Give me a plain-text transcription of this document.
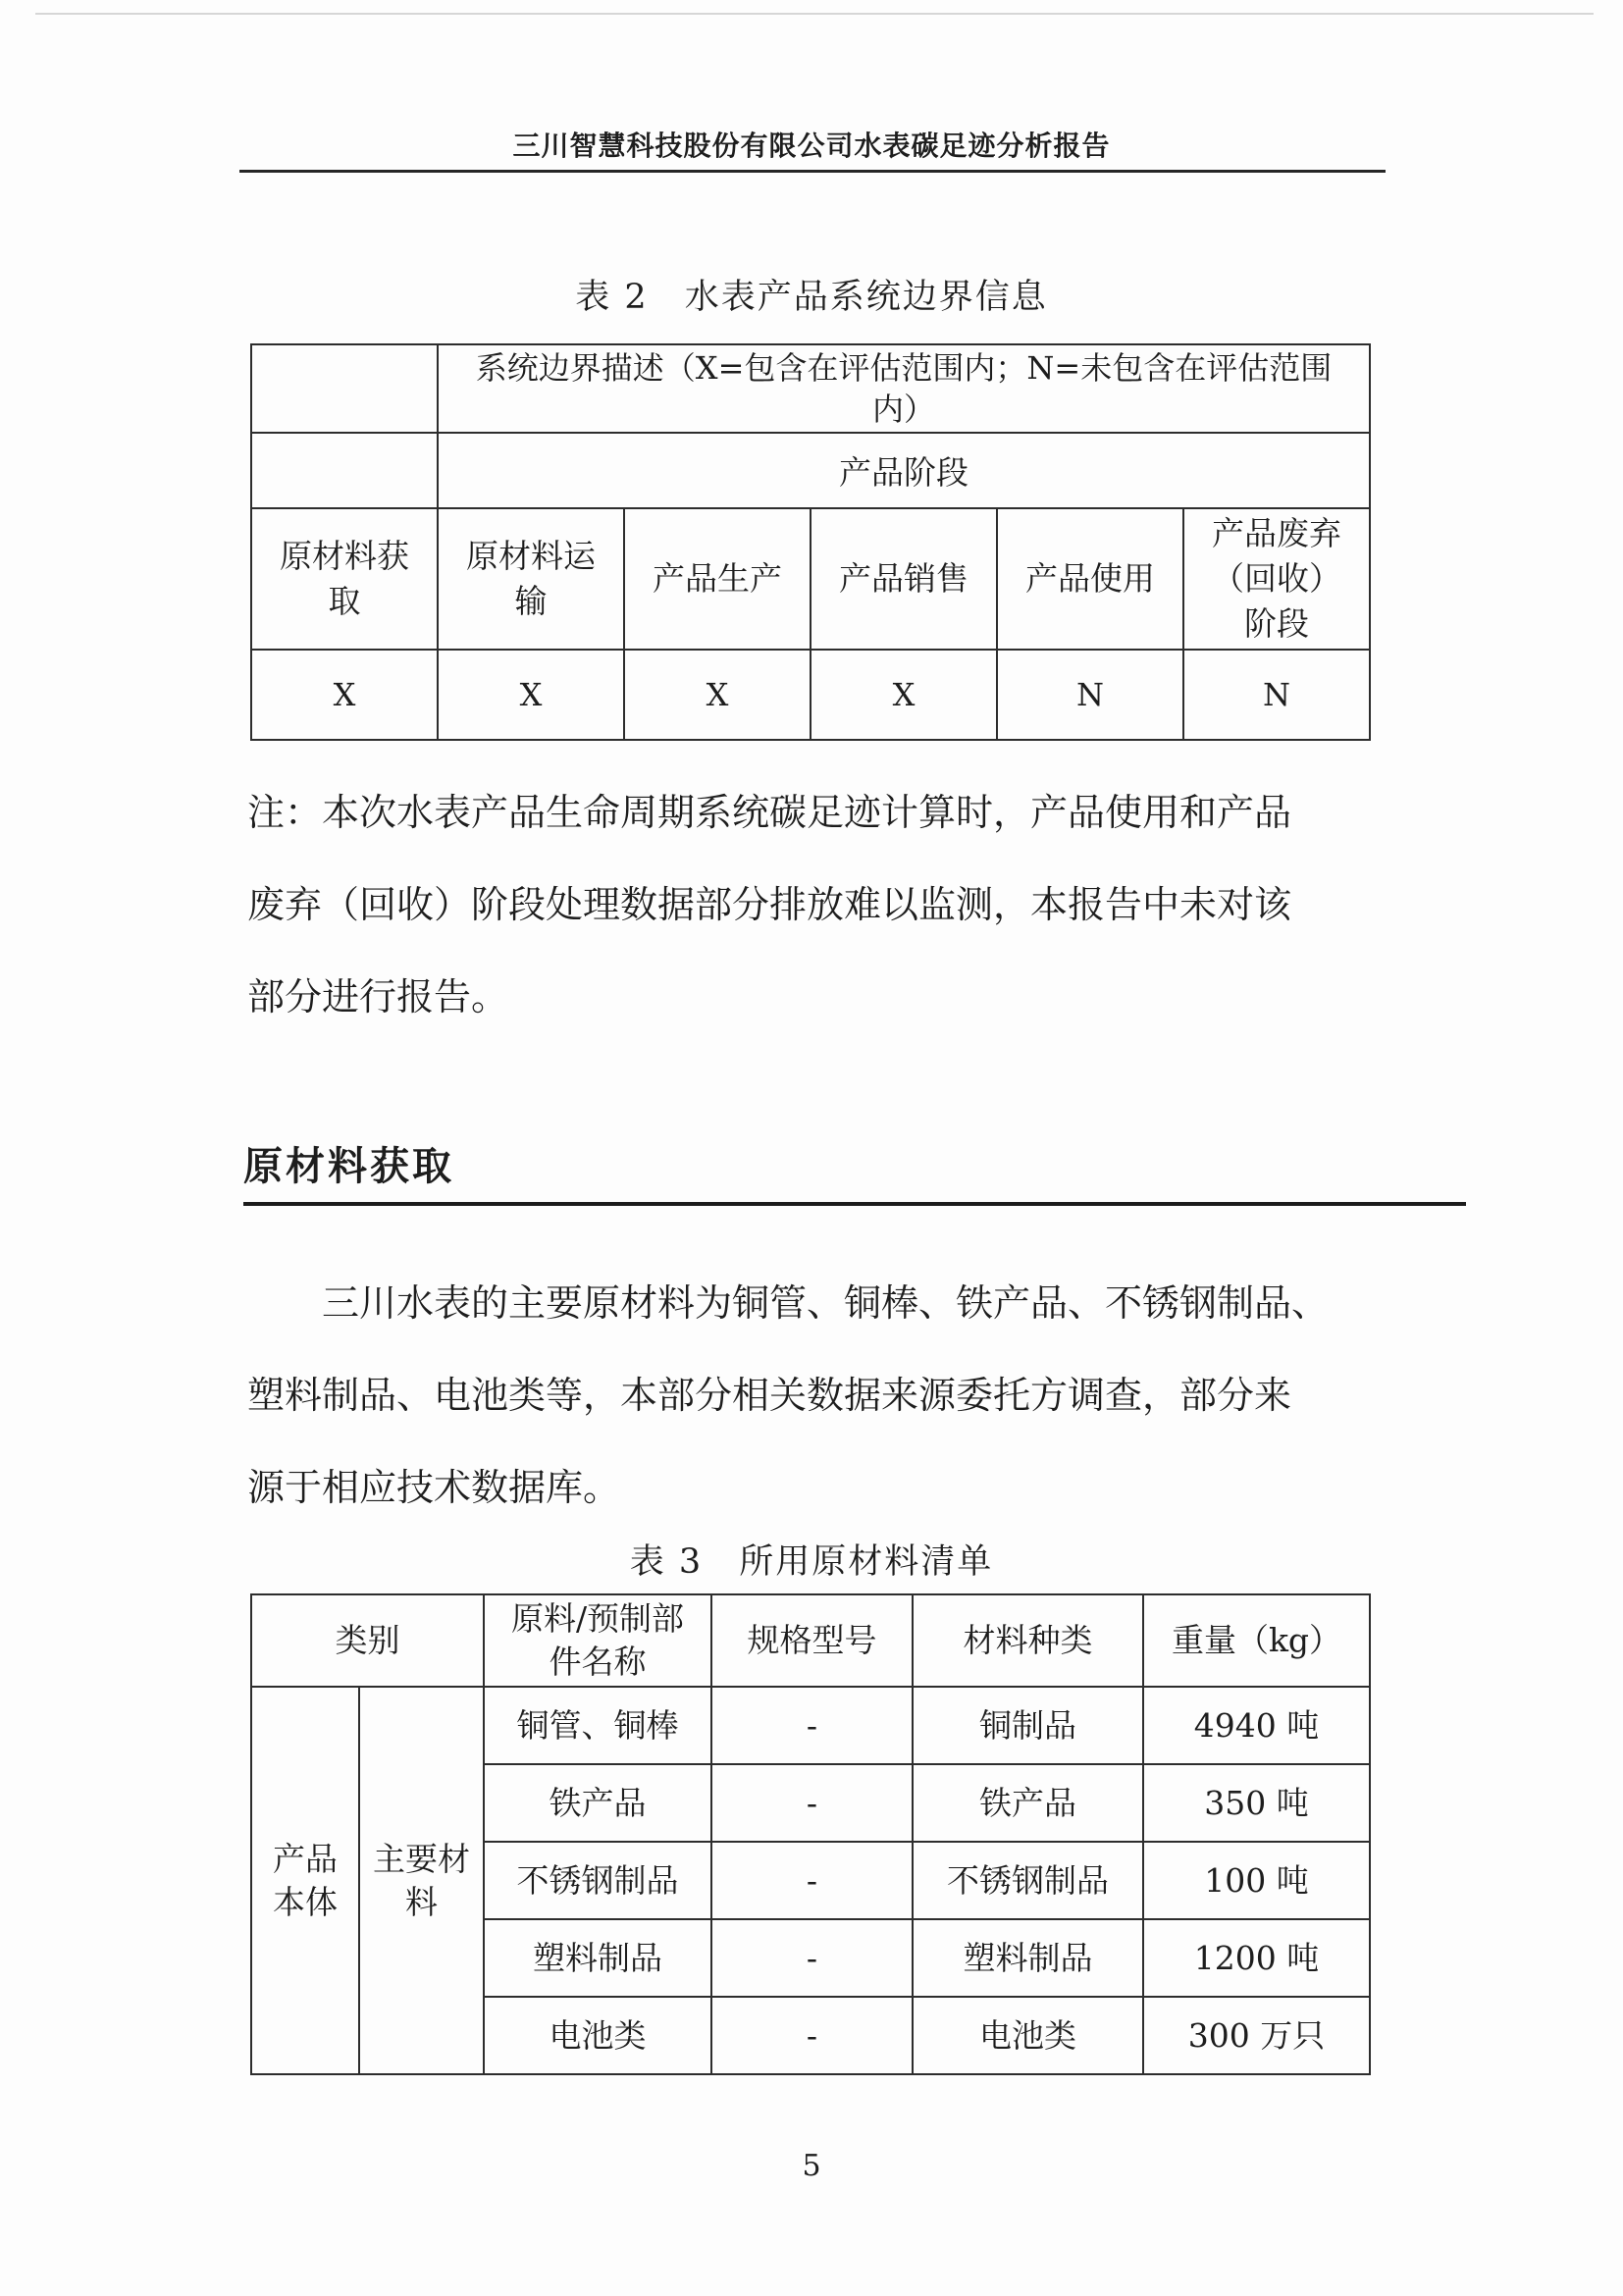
三川智慧科技股份有限公司水表碳足迹分析报告
表 2　水表产品系统边界信息
	系统边界描述（X=包含在评估范围内；N=未包含在评估范围内）				
	产品阶段				
原材料获取	原材料运输	产品生产	产品销售	产品使用	产品废弃（回收）阶段
X	X	X	X	N	N
注：本次水表产品生命周期系统碳足迹计算时，产品使用和产品
废弃（回收）阶段处理数据部分排放难以监测，本报告中未对该
部分进行报告。
原材料获取
三川水表的主要原材料为铜管、铜棒、铁产品、不锈钢制品、
塑料制品、电池类等，本部分相关数据来源委托方调查，部分来
源于相应技术数据库。
表 3　所用原材料清单
类别		原料/预制部件名称	规格型号	材料种类	重量（kg）
产品本体	主要材料	铜管、铜棒	-	铜制品	4940 吨
		铁产品	-	铁产品	350 吨
		不锈钢制品	-	不锈钢制品	100 吨
		塑料制品	-	塑料制品	1200 吨
		电池类	-	电池类	300 万只
5
